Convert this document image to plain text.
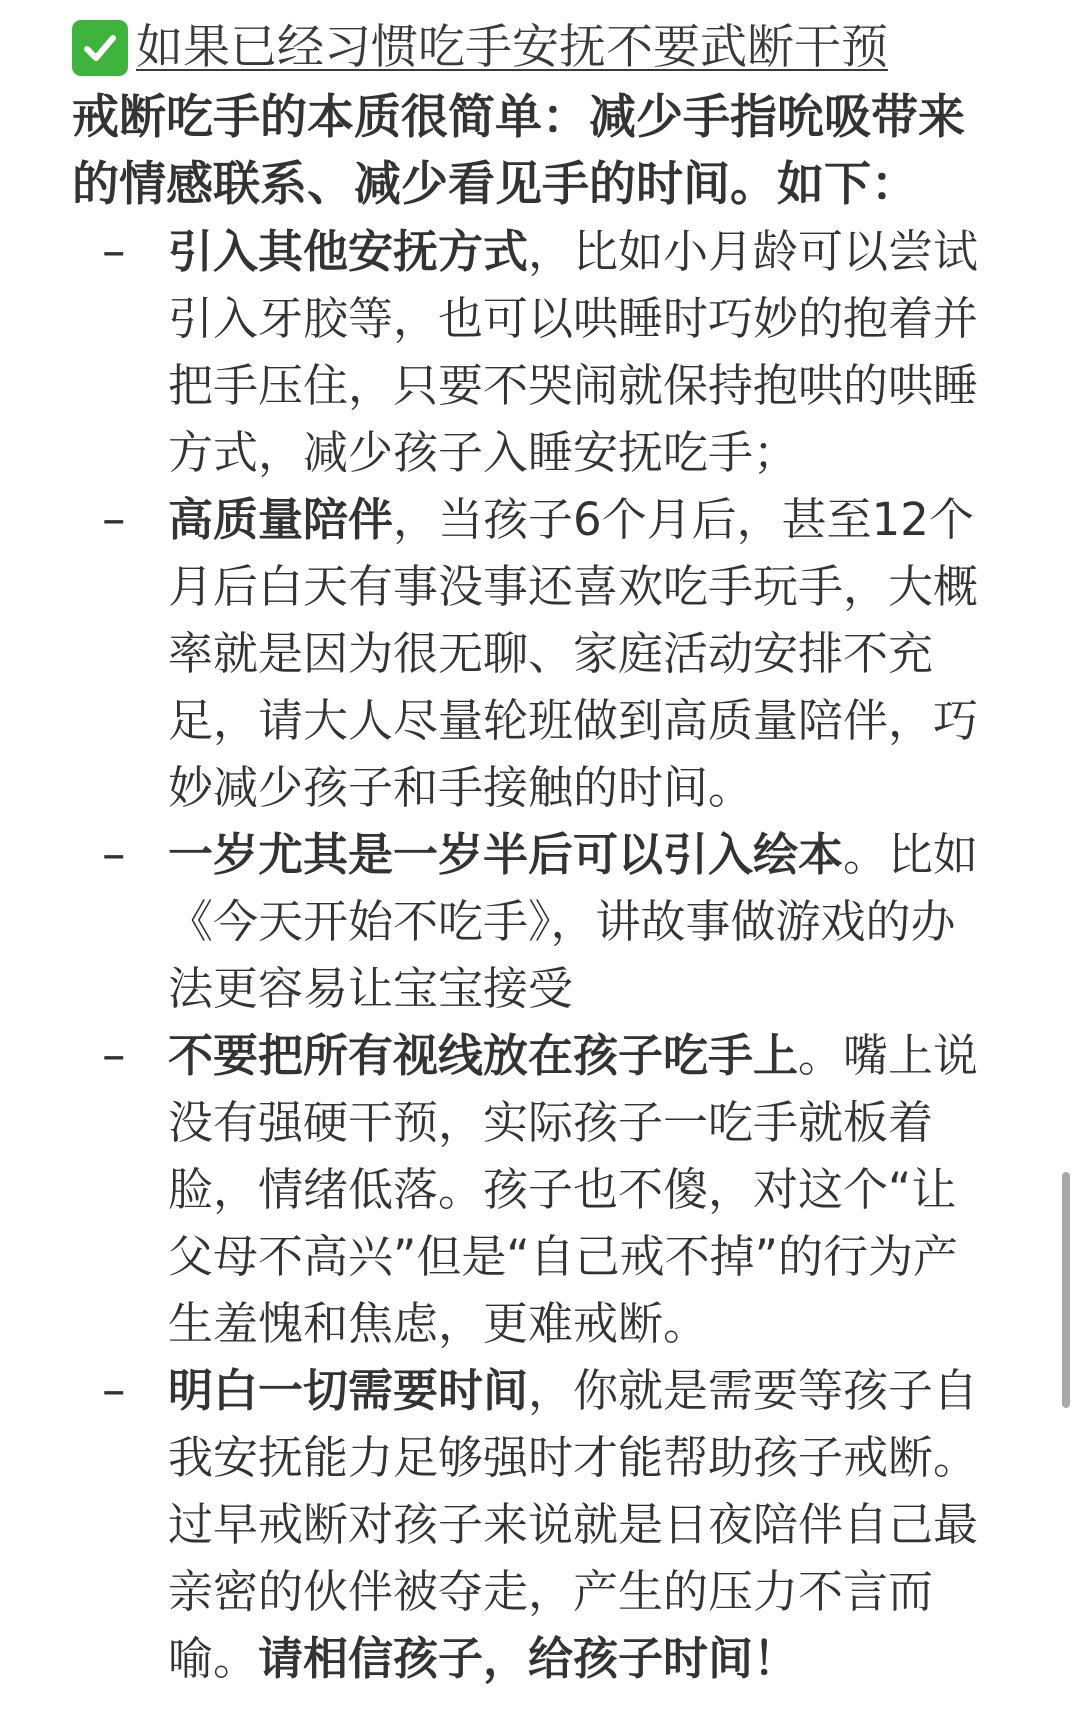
如果已经习惯吃手安抚不要武断干预
戒断吃手的本质很简单：减少手指吮吸带来的情感联系、减少看见手的时间。如下：
– 引入其他安抚方式，比如小月龄可以尝试引入牙胶等，也可以哄睡时巧妙的抱着并把手压住，只要不哭闹就保持抱哄的哄睡方式，减少孩子入睡安抚吃手；
– 高质量陪伴，当孩子6个月后，甚至12个月后白天有事没事还喜欢吃手玩手，大概率就是因为很无聊、家庭活动安排不充足，请大人尽量轮班做到高质量陪伴，巧妙减少孩子和手接触的时间。
– 一岁尤其是一岁半后可以引入绘本。比如《今天开始不吃手》，讲故事做游戏的办法更容易让宝宝接受
– 不要把所有视线放在孩子吃手上。嘴上说没有强硬干预，实际孩子一吃手就板着脸，情绪低落。孩子也不傻，对这个“让父母不高兴”但是“自己戒不掉”的行为产生羞愧和焦虑，更难戒断。
– 明白一切需要时间，你就是需要等孩子自我安抚能力足够强时才能帮助孩子戒断。过早戒断对孩子来说就是日夜陪伴自己最亲密的伙伴被夺走，产生的压力不言而喻。请相信孩子，给孩子时间！
